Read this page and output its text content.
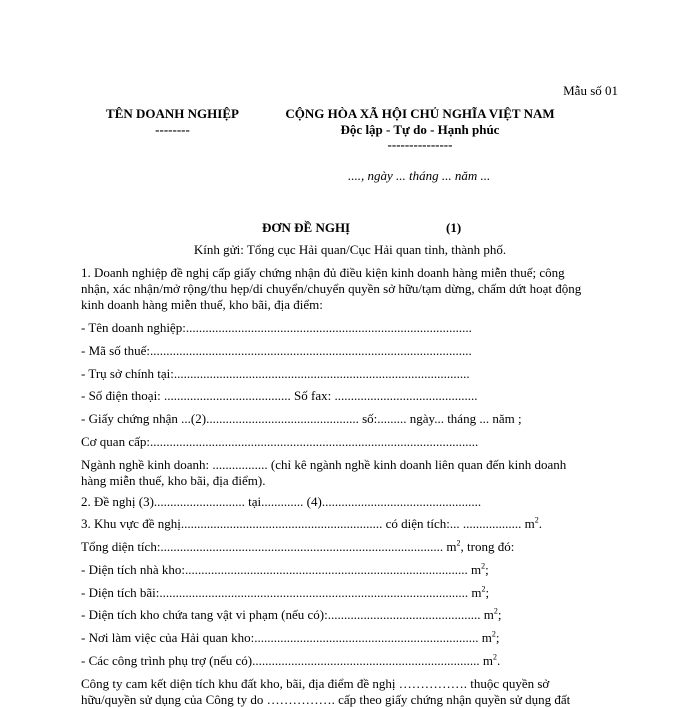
Mẫu số 01
TÊN DOANH NGHIỆP
--------
CỘNG HÒA XÃ HỘI CHỦ NGHĨA VIỆT NAM
Độc lập - Tự do - Hạnh phúc
---------------
...., ngày ... tháng ... năm ...
ĐƠN ĐỀ NGHỊ	(1)
Kính gửi: Tổng cục Hải quan/Cục Hải quan tỉnh, thành phố.
1. Doanh nghiệp đề nghị cấp giấy chứng nhận đủ điều kiện kinh doanh hàng miễn thuế; công
nhận, xác nhận/mở rộng/thu hẹp/di chuyển/chuyển quyền sở hữu/tạm dừng, chấm dứt hoạt động
kinh doanh hàng miễn thuế, kho bãi, địa điểm:
- Tên doanh nghiệp:........................................................................................
- Mã số thuế:...................................................................................................
- Trụ sở chính tại:...........................................................................................
- Số điện thoại: ....................................... Số fax: ............................................
- Giấy chứng nhận ...(2)............................................... số:......... ngày... tháng ... năm ;
Cơ quan cấp:.....................................................................................................
Ngành nghề kinh doanh: ................. (chỉ kê ngành nghề kinh doanh liên quan đến kinh doanh
hàng miễn thuế, kho bãi, địa điểm).
2. Đề nghị (3)............................ tại............. (4).................................................
3. Khu vực đề nghị.............................................................. có diện tích:... .................. $m^2$.
Tổng diện tích:....................................................................................... $m^2$, trong đó:
- Diện tích nhà kho:....................................................................................... $m^2$;
- Diện tích bãi:............................................................................................... $m^2$;
- Diện tích kho chứa tang vật vi phạm (nếu có):............................................... $m^2$;
- Nơi làm việc của Hải quan kho:..................................................................... $m^2$;
- Các công trình phụ trợ (nếu có)...................................................................... $m^2$.
Công ty cam kết diện tích khu đất kho, bãi, địa điểm đề nghị ……………. thuộc quyền sở
hữu/quyền sử dụng của Công ty do ……………. cấp theo giấy chứng nhận quyền sử dụng đất
